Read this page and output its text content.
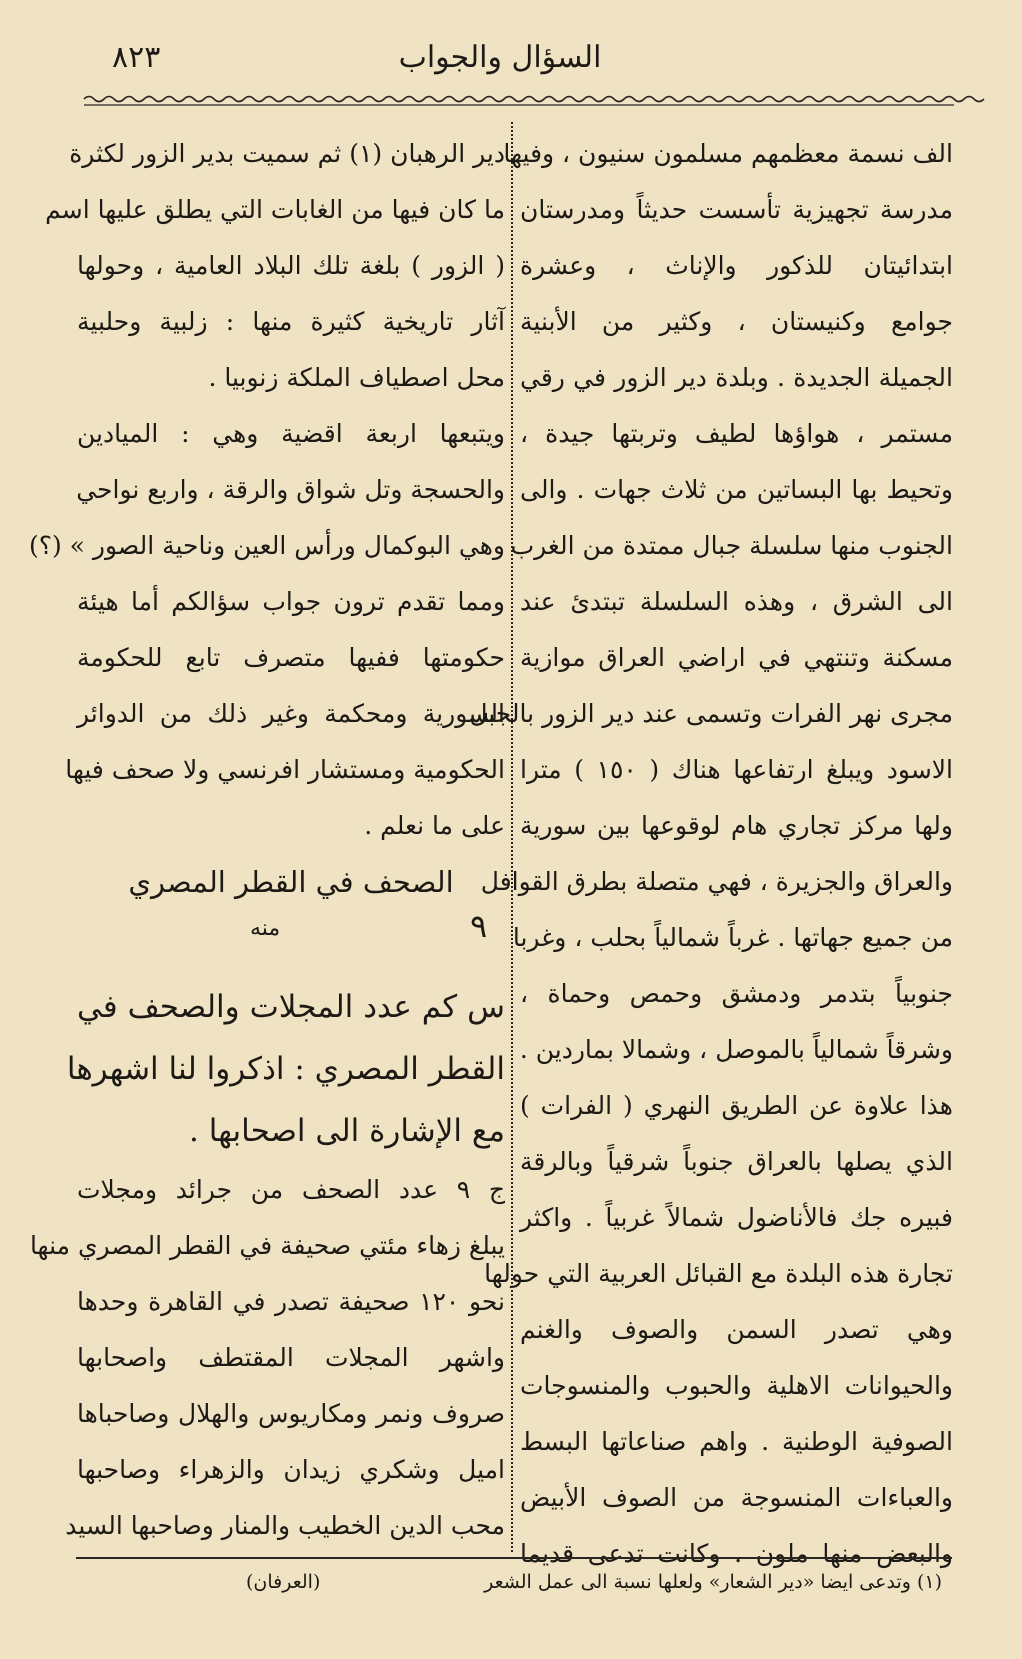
السؤال والجواب
٨٢٣
الف نسمة معظمهم مسلمون سنيون ، وفيها
مدرسة تجهيزية تأسست حديثاً ومدرستان
ابتدائيتان للذكور والإناث ، وعشرة
جوامع وكنيستان ، وكثير من الأبنية
الجميلة الجديدة . وبلدة دير الزور في رقي
مستمر ، هواؤها لطيف وتربتها جيدة ،
وتحيط بها البساتين من ثلاث جهات . والى
الجنوب منها سلسلة جبال ممتدة من الغرب
الى الشرق ، وهذه السلسلة تبتدئ عند
مسكنة وتنتهي في اراضي العراق موازية
مجرى نهر الفرات وتسمى عند دير الزور بالجبل
الاسود ويبلغ ارتفاعها هناك ( ١٥٠ ) مترا
ولها مركز تجاري هام لوقوعها بين سورية
والعراق والجزيرة ، فهي متصلة بطرق القوافل
من جميع جهاتها . غرباً شمالياً بحلب ، وغربا
جنوبياً بتدمر ودمشق وحمص وحماة ،
وشرقاً شمالياً بالموصل ، وشمالا بماردين .
هذا علاوة عن الطريق النهري ( الفرات )
الذي يصلها بالعراق جنوباً شرقياً وبالرقة
فبيره جك فالأناضول شمالاً غربياً . واكثر
تجارة هذه البلدة مع القبائل العربية التي حولها
وهي تصدر السمن والصوف والغنم
والحيوانات الاهلية والحبوب والمنسوجات
الصوفية الوطنية . واهم صناعاتها البسط
والعباءات المنسوجة من الصوف الأبيض
والبعض منها ملون . وكانت تدعى قديما
دير الرهبان (١) ثم سميت بدير الزور لكثرة
ما كان فيها من الغابات التي يطلق عليها اسم
( الزور ) بلغة تلك البلاد العامية ، وحولها
آثار تاريخية كثيرة منها : زلبية وحلبية
محل اصطياف الملكة زنوبيا .
ويتبعها اربعة اقضية وهي : الميادين
والحسجة وتل شواق والرقة ، واربع نواحي
وهي البوكمال ورأس العين وناحية الصور » (؟)
ومما تقدم ترون جواب سؤالكم أما هيئة
حكومتها ففيها متصرف تابع للحكومة
السورية ومحكمة وغير ذلك من الدوائر
الحكومية ومستشار افرنسي ولا صحف فيها
على ما نعلم .
الصحف في القطر المصري
٩
منه
س كم عدد المجلات والصحف في
القطر المصري : اذكروا لنا اشهرها
مع الإشارة الى اصحابها .
ج ٩ عدد الصحف من جرائد ومجلات
يبلغ زهاء مئتي صحيفة في القطر المصري منها
نحو ١٢٠ صحيفة تصدر في القاهرة وحدها
واشهر المجلات المقتطف واصحابها
صروف ونمر ومكاريوس والهلال وصاحباها
اميل وشكري زيدان والزهراء وصاحبها
محب الدين الخطيب والمنار وصاحبها السيد
(١) وتدعى ايضا «دير الشعار» ولعلها نسبة الى عمل الشعر
(العرفان)
